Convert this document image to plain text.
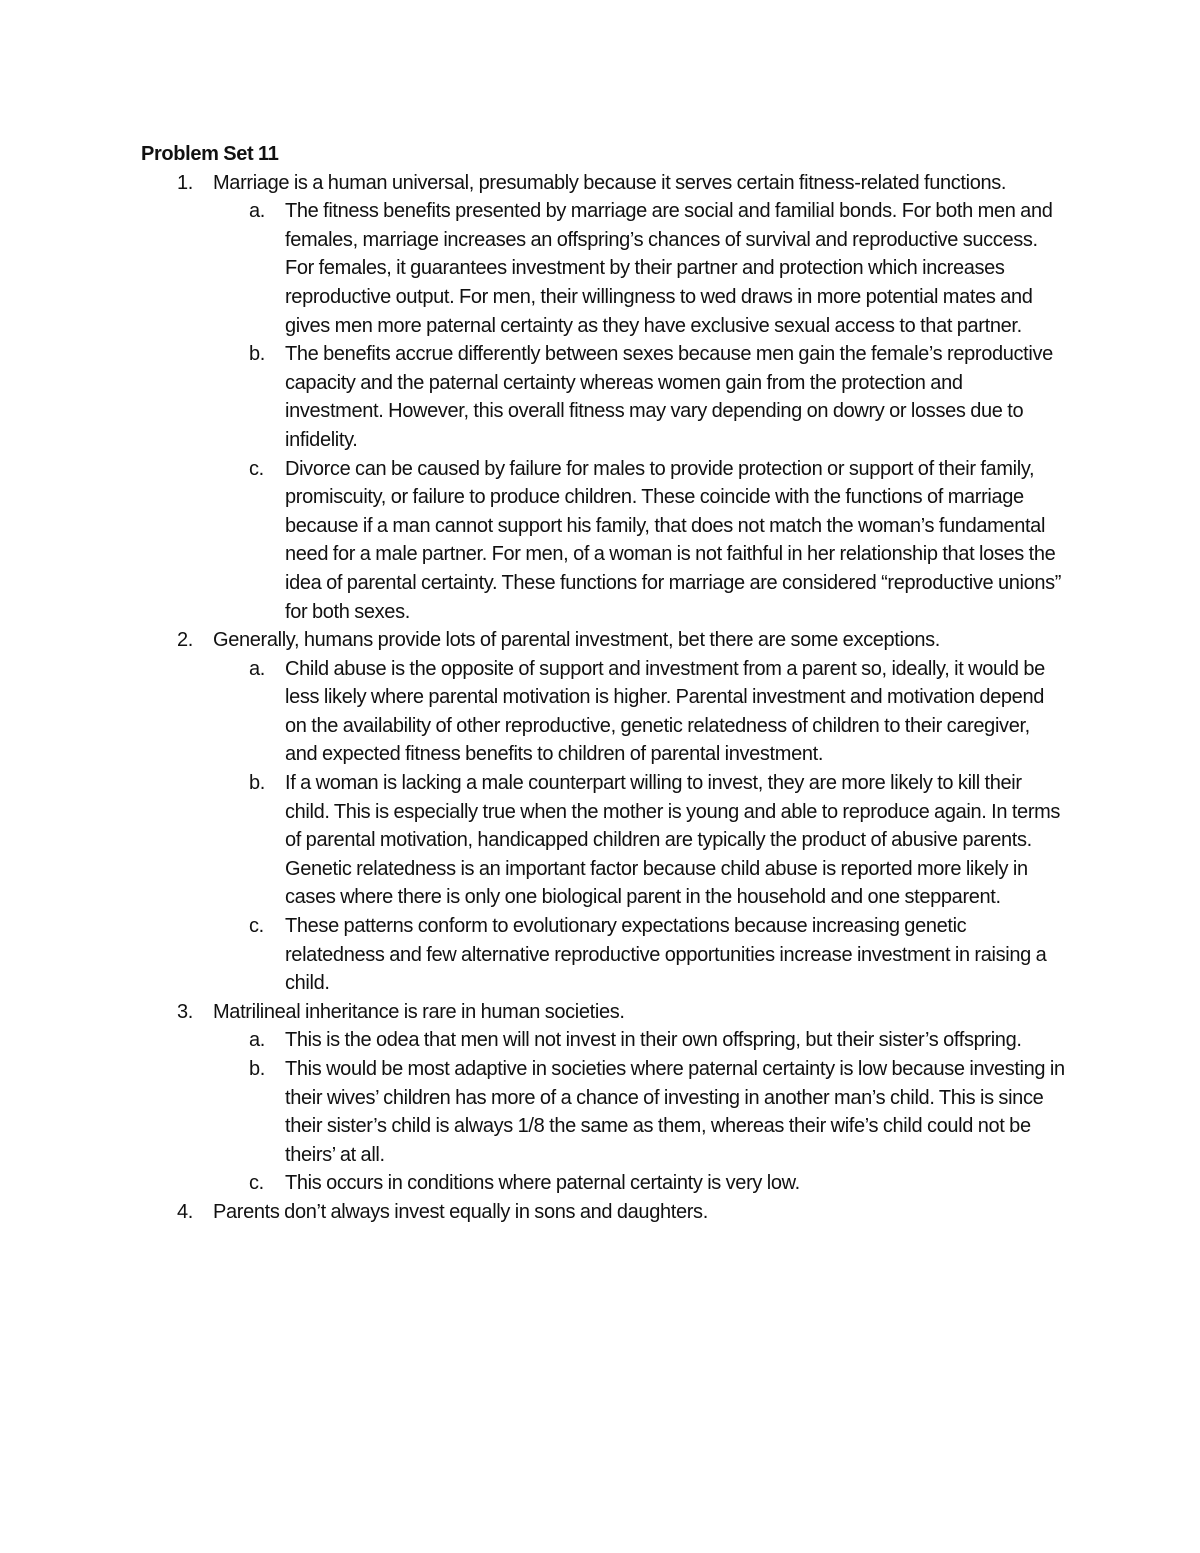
Problem Set 11
1. Marriage is a human universal, presumably because it serves certain fitness-related functions.
a. The fitness benefits presented by marriage are social and familial bonds. For both men and females, marriage increases an offspring’s chances of survival and reproductive success. For females, it guarantees investment by their partner and protection which increases reproductive output. For men, their willingness to wed draws in more potential mates and gives men more paternal certainty as they have exclusive sexual access to that partner.
b. The benefits accrue differently between sexes because men gain the female’s reproductive capacity and the paternal certainty whereas women gain from the protection and investment. However, this overall fitness may vary depending on dowry or losses due to infidelity.
c. Divorce can be caused by failure for males to provide protection or support of their family, promiscuity, or failure to produce children. These coincide with the functions of marriage because if a man cannot support his family, that does not match the woman’s fundamental need for a male partner. For men, of a woman is not faithful in her relationship that loses the idea of parental certainty. These functions for marriage are considered “reproductive unions” for both sexes.
2. Generally, humans provide lots of parental investment, bet there are some exceptions.
a. Child abuse is the opposite of support and investment from a parent so, ideally, it would be less likely where parental motivation is higher. Parental investment and motivation depend on the availability of other reproductive, genetic relatedness of children to their caregiver, and expected fitness benefits to children of parental investment.
b. If a woman is lacking a male counterpart willing to invest, they are more likely to kill their child. This is especially true when the mother is young and able to reproduce again. In terms of parental motivation, handicapped children are typically the product of abusive parents. Genetic relatedness is an important factor because child abuse is reported more likely in cases where there is only one biological parent in the household and one stepparent.
c. These patterns conform to evolutionary expectations because increasing genetic relatedness and few alternative reproductive opportunities increase investment in raising a child.
3. Matrilineal inheritance is rare in human societies.
a. This is the odea that men will not invest in their own offspring, but their sister’s offspring.
b. This would be most adaptive in societies where paternal certainty is low because investing in their wives’ children has more of a chance of investing in another man’s child. This is since their sister’s child is always 1/8 the same as them, whereas their wife’s child could not be theirs’ at all.
c. This occurs in conditions where paternal certainty is very low.
4. Parents don’t always invest equally in sons and daughters.
